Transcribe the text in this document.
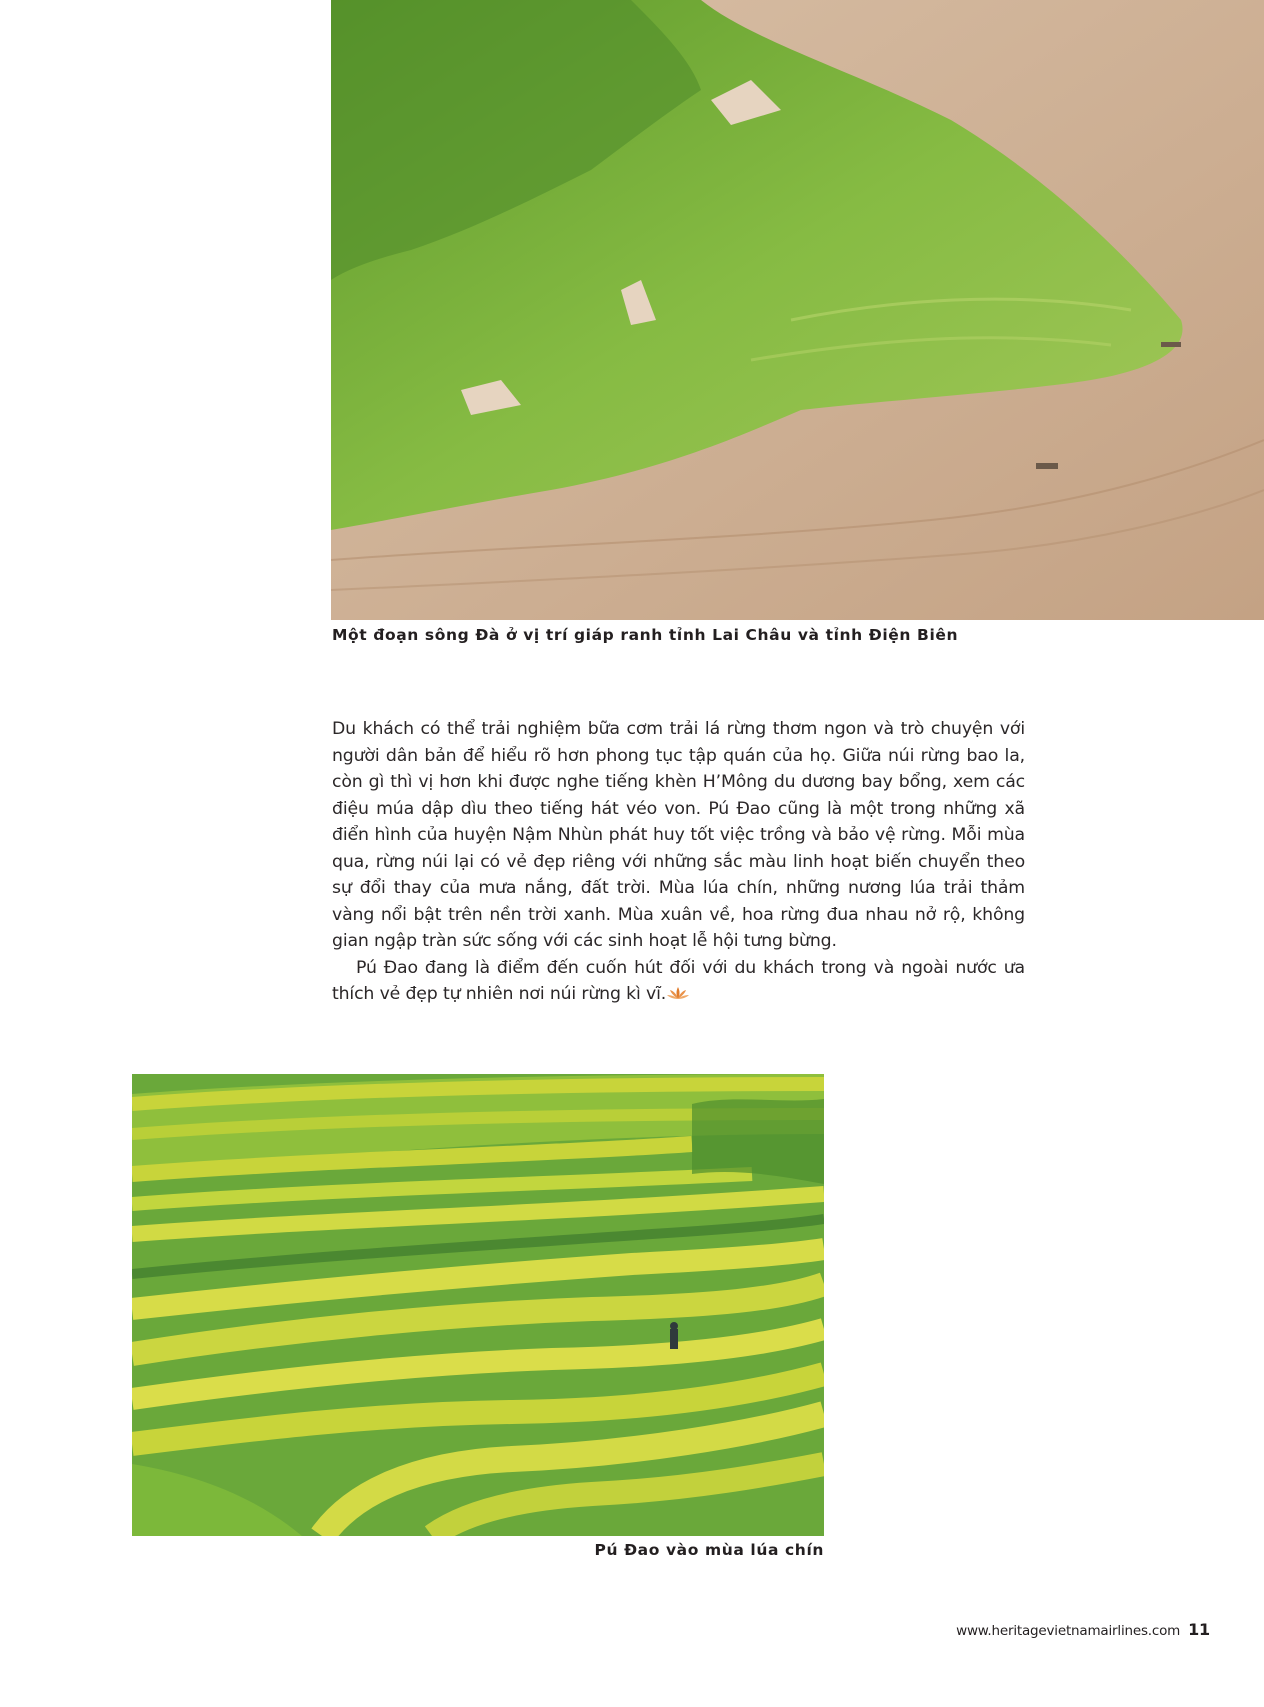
Một đoạn sông Đà ở vị trí giáp ranh tỉnh Lai Châu và tỉnh Điện Biên

Du khách có thể trải nghiệm bữa cơm trải lá rừng thơm ngon và trò chuyện với người dân bản để hiểu rõ hơn phong tục tập quán của họ. Giữa núi rừng bao la, còn gì thì vị hơn khi được nghe tiếng khèn H’Mông du dương bay bổng, xem các điệu múa dập dìu theo tiếng hát véo von. Pú Đao cũng là một trong những xã điển hình của huyện Nậm Nhùn phát huy tốt việc trồng và bảo vệ rừng. Mỗi mùa qua, rừng núi lại có vẻ đẹp riêng với những sắc màu linh hoạt biến chuyển theo sự đổi thay của mưa nắng, đất trời. Mùa lúa chín, những nương lúa trải thảm vàng nổi bật trên nền trời xanh. Mùa xuân về, hoa rừng đua nhau nở rộ, không gian ngập tràn sức sống với các sinh hoạt lễ hội tưng bừng.

Pú Đao đang là điểm đến cuốn hút đối với du khách trong và ngoài nước ưa thích vẻ đẹp tự nhiên nơi núi rừng kì vĩ.

Pú Đao vào mùa lúa chín
www.heritagevietnamairlines.com 11
